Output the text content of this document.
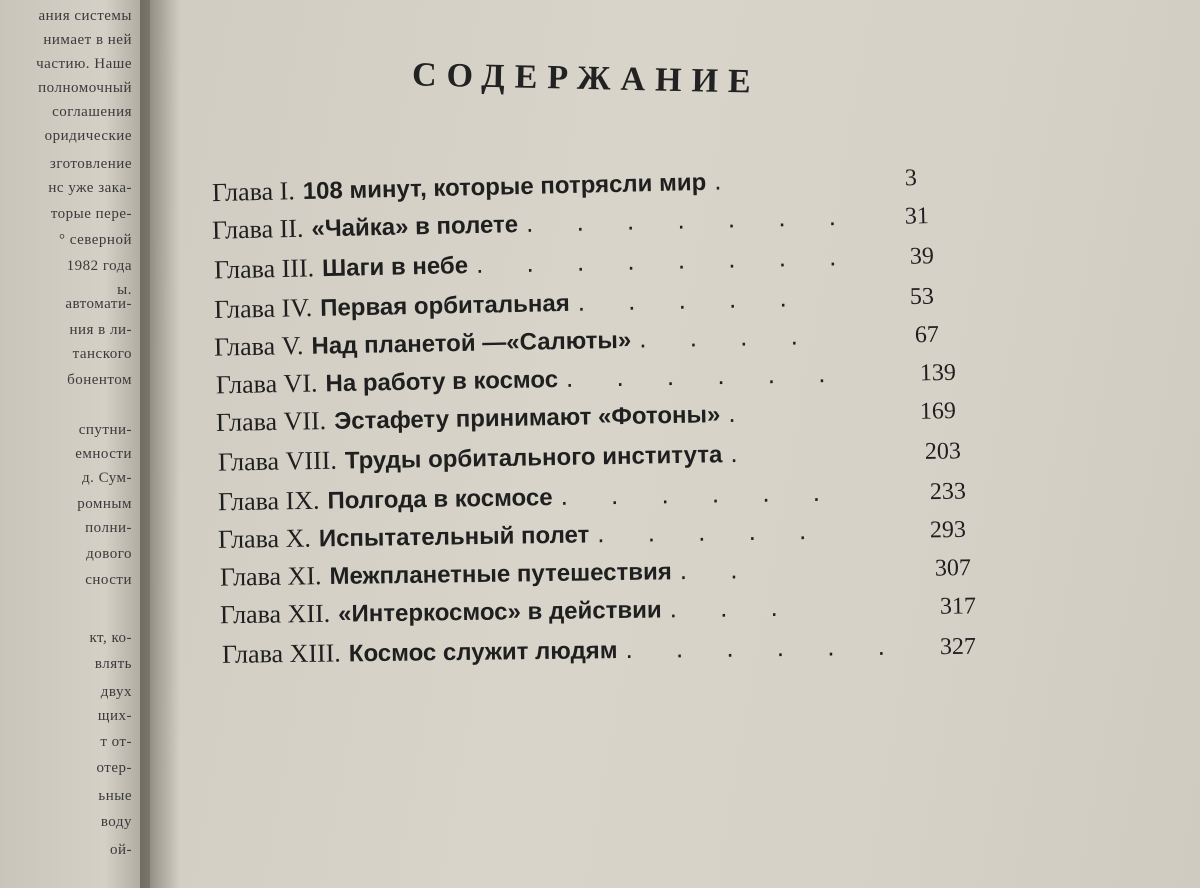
ания системы
нимает в ней
частию. Наше
полномочный
соглашения
оридические
зготовление
нс уже зака-
торые пере-
° северной
1982 года
ы.
автомати-
ния в ли-
танского
бонентом
спутни-
емности
д. Сум-
ромным
полни-
дового
сности
кт, ко-
влять
двух
щих-
т от-
отер-
ьные
воду
ой-
СОДЕРЖАНИЕ
Глава I. 108 минут, которые потрясли мир .	3
Глава II. «Чайка» в полете . . . . . . . 31
Глава III. Шаги в небе . . . . . . . . 39
Глава IV. Первая орбитальная . . . . .	53
Глава V. Над планетой —«Салюты» . . . .	67
Глава VI. На работу в космос . . . . . .	139
Глава VII. Эстафету принимают «Фотоны» .	169
Глава VIII. Труды орбитального института .	203
Глава IX. Полгода в космосе . . . . . .	233
Глава X. Испытательный полет . . . . .	293
Глава XI. Межпланетные путешествия . .	307
Глава XII. «Интеркосмос» в действии . . .	317
Глава XIII. Космос служит людям . . . . . . 327
